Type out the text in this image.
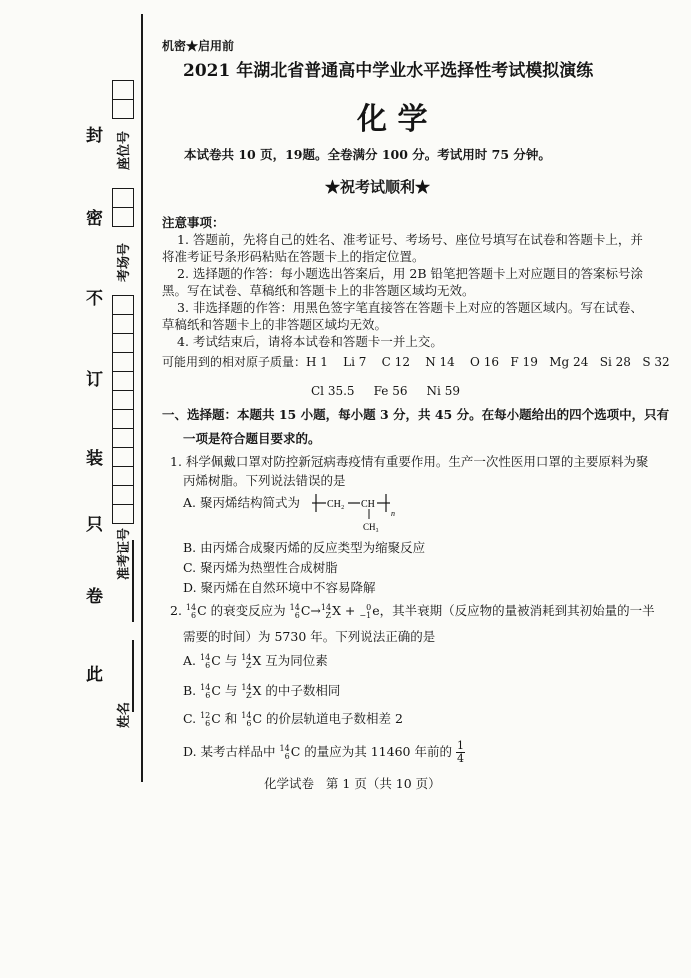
封
密
不
订
装
只
卷
此
座位号
考场号
准考证号
姓名
机密★启用前
2021 年湖北省普通高中学业水平选择性考试模拟演练
化 学
本试卷共 10 页，19题。全卷满分 100 分。考试用时 75 分钟。
★祝考试顺利★
注意事项：
1. 答题前，先将自己的姓名、准考证号、考场号、座位号填写在试卷和答题卡上，并
将准考证号条形码粘贴在答题卡上的指定位置。
2. 选择题的作答：每小题选出答案后，用 2B 铅笔把答题卡上对应题目的答案标号涂
黑。写在试卷、草稿纸和答题卡上的非答题区域均无效。
3. 非选择题的作答：用黑色签字笔直接答在答题卡上对应的答题区域内。写在试卷、
草稿纸和答题卡上的非答题区域均无效。
4. 考试结束后，请将本试卷和答题卡一并上交。
可能用到的相对原子质量：H 1    Li 7    C 12    N 14    O 16   F 19   Mg 24   Si 28   S 32
Cl 35.5     Fe 56     Ni 59
一、选择题：本题共 15 小题，每小题 3 分，共 45 分。在每小题给出的四个选项中，只有
一项是符合题目要求的。
1. 科学佩戴口罩对防控新冠病毒疫情有重要作用。生产一次性医用口罩的主要原料为聚
丙烯树脂。下列说法错误的是
A. 聚丙烯结构简式为	CH₂ CH
n
CH₃
B. 由丙烯合成聚丙烯的反应类型为缩聚反应
C. 聚丙烯为热塑性合成树脂
D. 聚丙烯在自然环境中不容易降解
2. 14
6 C 的衰变反应为 14
6 C→ 14
Z X + 0
−1 e，其半衰期（反应物的量被消耗到其初始量的一半
需要的时间）为 5730 年。下列说法正确的是
A. 14
6 C 与 14
Z X 互为同位素
B. 14
6 C 与 14
Z X 的中子数相同
C. 12
6 C 和 14
6 C 的价层轨道电子数相差 2
D. 某考古样品中 14
6 C 的量应为其 11460 年前的 $\frac{1}{4}$
化学试卷   第 1 页（共 10 页）
